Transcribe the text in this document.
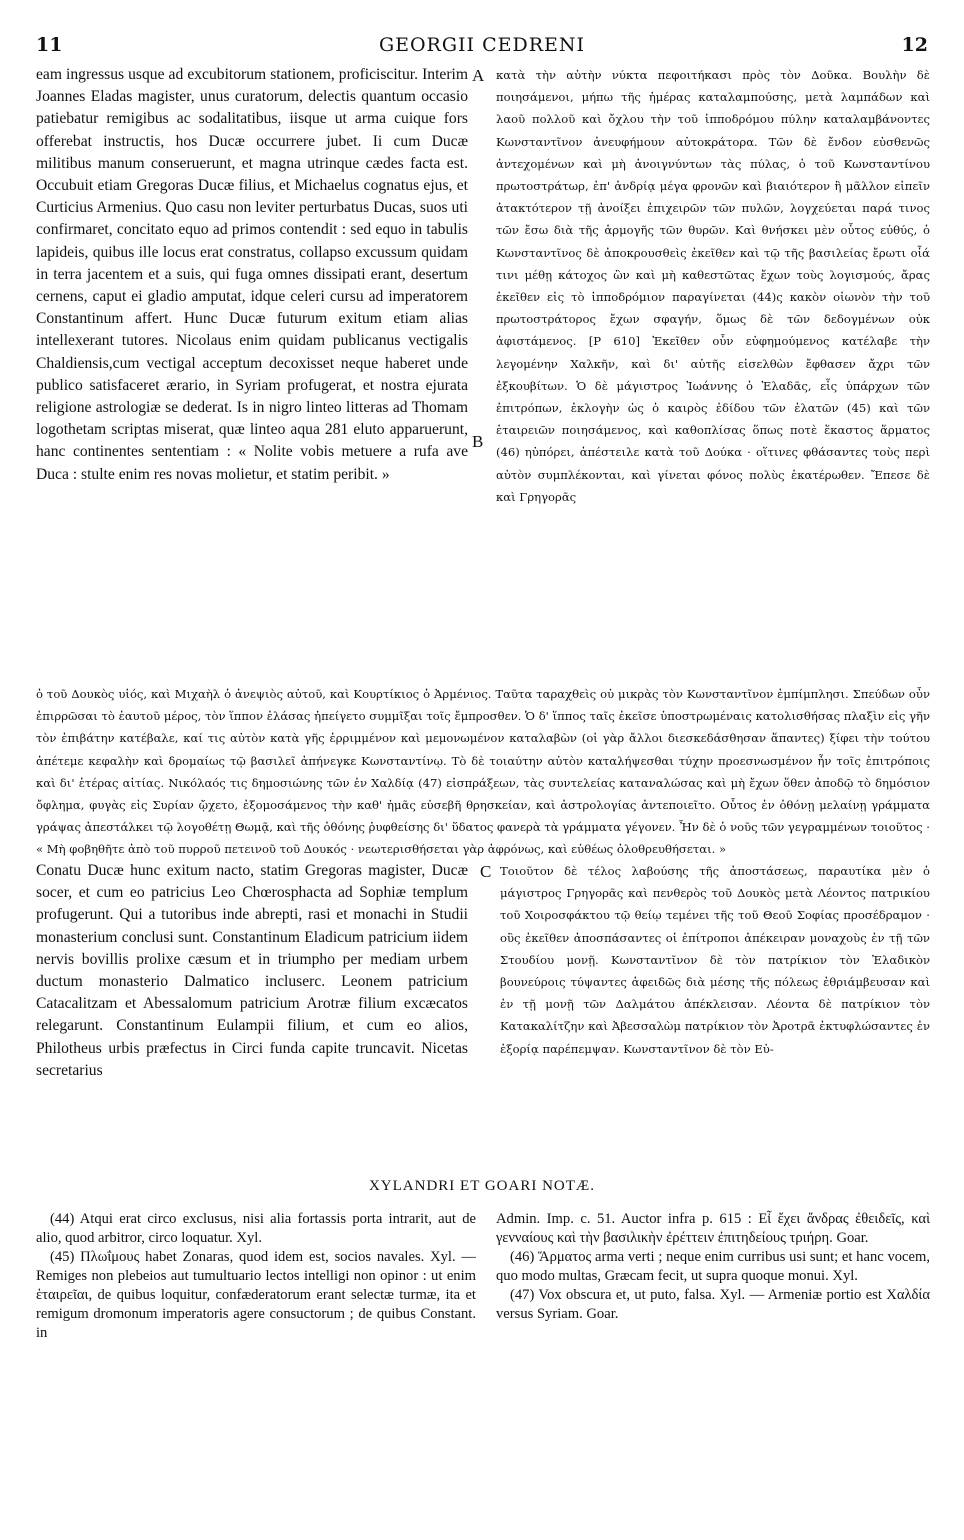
11	GEORGII CEDRENI	12
eam ingressus usque ad excubitorum stationem, proficiscitur. Interim Joannes Eladas magister, unus curatorum, delectis quantum occasio patiebatur remigibus ac sodalitatibus, iisque ut arma cuique fors offerebat instructis, hos Ducæ occurrere jubet. Ii cum Ducæ militibus manum conseruerunt, et magna utrinque cædes facta est. Occubuit etiam Gregoras Ducæ filius, et Michaelus cognatus ejus, et Curticius Armenius. Quo casu non leviter perturbatus Ducas, suos uti confirmaret, concitato equo ad primos contendit : sed equo in tabulis lapideis, quibus ille locus erat constratus, collapso excussum quidam in terra jacentem et a suis, qui fuga omnes dissipati erant, desertum cernens, caput ei gladio amputat, idque celeri cursu ad imperatorem Constantinum affert. Hunc Ducæ futurum exitum etiam alias intellexerant tutores. Nicolaus enim quidam publicanus vectigalis Chaldiensis,cum vectigal acceptum decoxisset neque haberet unde publico satisfaceret ærario, in Syriam profugerat, et nostra ejurata religione astrologiæ se dederat. Is in nigro linteo litteras ad Thomam logothetam scriptas miserat, quæ linteo aqua 281 eluto apparuerunt, hanc continentes sententiam : « Nolite vobis metuere a rufa ave Duca : stulte enim res novas molietur, et statim peribit. »
A κατὰ τὴν αὐτὴν νύκτα πεφοιτήκασι πρὸς τὸν Δοῦκα. Βουλὴν δὲ ποιησάμενοι, μήπω τῆς ἡμέρας καταλαμπούσης, μετὰ λαμπάδων καὶ λαοῦ πολλοῦ καὶ ὄχλου τὴν τοῦ ἱπποδρόμου πύλην καταλαμβάνοντες Κωνσταντῖνον ἀνευφήμουν αὐτοκράτορα. Τῶν δὲ ἔνδον εὐσθενῶς ἀντεχομένων καὶ μὴ ἀνοιγνύντων τὰς πύλας, ὁ τοῦ Κωνσταντίνου πρωτοστράτωρ, ἐπ' ἀνδρίᾳ μέγα φρονῶν καὶ βιαιότερον ἢ μᾶλλον εἰπεῖν ἀτακτότερον τῇ ἀνοίξει ἐπιχειρῶν τῶν πυλῶν, λογχεύεται παρά τινος τῶν ἔσω διὰ τῆς ἁρμογῆς τῶν θυρῶν. Καὶ θνήσκει μὲν οὗτος εὐθύς, ὁ Κωνσταντῖνος δὲ ἀποκρουσθεὶς ἐκεῖθεν καὶ τῷ τῆς βασιλείας ἔρωτι οἷά τινι μέθῃ κάτοχος ὢν καὶ μὴ καθεστῶτας ἔχων τοὺς λογισμούς, ἄρας ἐκεῖθεν εἰς τὸ ἱπποδρόμιον παραγίνεται (44)ς κακὸν οἰωνὸν τὴν τοῦ πρωτοστράτορος ἔχων σφαγήν, ὅμως δὲ τῶν δεδογμένων οὐκ ἀφιστάμενος. [P 610] Ἐκεῖθεν οὖν εὐφημούμενος κατέλαβε τὴν λεγομένην Χαλκῆν, καὶ δι' αὐτῆς εἰσελθὼν ἔφθασεν ἄχρι τῶν ἐξκουβίτων. Ὁ δὲ μάγιστρος Ἰωάννης ὁ Ἐλαδᾶς, εἷς ὑπάρχων τῶν ἐπιτρόπων, ἐκλογὴν ὡς ὁ καιρὸς ἐδίδου τῶν ἐλατῶν (45) καὶ τῶν ἑταιρειῶν ποιησάμενος, καὶ καθοπλίσας ὅπως ποτὲ ἕκαστος ἅρματος (46) ηὐπόρει, ἀπέστειλε κατὰ τοῦ Δούκα · οἵτινες φθάσαντες τοὺς περὶ αὐτὸν συμπλέκονται, καὶ γίνεται φόνος πολὺς ἑκατέρωθεν. Ἔπεσε δὲ καὶ Γρηγορᾶς
B
ὁ τοῦ Δουκὸς υἱός, καὶ Μιχαὴλ ὁ ἀνεψιὸς αὐτοῦ, καὶ Κουρτίκιος ὁ Ἀρμένιος. Ταῦτα ταραχθεὶς οὐ μικρὰς τὸν Κωνσταντῖνον ἐμπίμπλησι. Σπεύδων οὖν ἐπιρρῶσαι τὸ ἑαυτοῦ μέρος, τὸν ἵππον ἐλάσας ἠπείγετο συμμῖξαι τοῖς ἔμπροσθεν. Ὁ δ' ἵππος ταῖς ἐκεῖσε ὑποστρωμέναις κατολισθήσας πλαξὶν εἰς γῆν τὸν ἐπιβάτην κατέβαλε, καί τις αὐτὸν κατὰ γῆς ἐρριμμένον καὶ μεμονωμένον καταλαβὼν (οἱ γὰρ ἄλλοι διεσκεδάσθησαν ἅπαντες) ξίφει τὴν τούτου ἀπέτεμε κεφαλὴν καὶ δρομαίως τῷ βασιλεῖ ἀπήνεγκε Κωνσταντίνῳ. Τὸ δὲ τοιαύτην αὐτὸν καταλήψεσθαι τύχην προεσνωσμένον ἦν τοῖς ἐπιτρόποις καὶ δι' ἑτέρας αἰτίας. Νικόλαός τις δημοσιώνης τῶν ἐν Χαλδίᾳ (47) εἰσπράξεων, τὰς συντελείας καταναλώσας καὶ μὴ ἔχων ὅθεν ἀποδῷ τὸ δημόσιον ὄφλημα, φυγὰς εἰς Συρίαν ᾤχετο, ἐξομοσάμενος τὴν καθ' ἡμᾶς εὐσεβῆ θρησκείαν, καὶ ἀστρολογίας ἀντεποιεῖτο. Οὗτος ἐν ὀθόνῃ μελαίνῃ γράμματα γράψας ἀπεστάλκει τῷ λογοθέτῃ Θωμᾷ, καὶ τῆς ὀθόνης ῥυφθείσης δι' ὕδατος φανερὰ τὰ γράμματα γέγονεν. Ἦν δὲ ὁ νοῦς τῶν γεγραμμένων τοιοῦτος · « Μὴ φοβηθῆτε ἀπὸ τοῦ πυρροῦ πετεινοῦ τοῦ Δουκός · νεωτερισθήσεται γὰρ ἀφρόνως, καὶ εὐθέως ὀλοθρευθήσεται. »
Conatu Ducæ hunc exitum nacto, statim Gregoras magister, Ducæ socer, et cum eo patricius Leo Chœrosphacta ad Sophiæ templum profugerunt. Qui a tutoribus inde abrepti, rasi et monachi in Studii monasterium conclusi sunt. Constantinum Eladicum patricium iidem nervis bovillis prolixe cæsum et in triumpho per mediam urbem ductum monasterio Dalmatico incluserc. Leonem patricium Catacalitzam et Abessalomum patricium Arotræ filium excæcatos relegarunt. Constantinum Eulampii filium, et cum eo alios, Philotheus urbis præfectus in Circi funda capite truncavit. Nicetas secretarius
C Τοιοῦτον δὲ τέλος λαβούσης τῆς ἀποστάσεως, παραυτίκα μὲν ὁ μάγιστρος Γρηγορᾶς καὶ πενθερὸς τοῦ Δουκὸς μετὰ Λέοντος πατρικίου τοῦ Χοιροσφάκτου τῷ θείῳ τεμένει τῆς τοῦ Θεοῦ Σοφίας προσέδραμον · οὓς ἐκεῖθεν ἀποσπάσαντες οἱ ἐπίτροποι ἀπέκειραν μοναχοὺς ἐν τῇ τῶν Στουδίου μονῇ. Κωνσταντῖνον δὲ τὸν πατρίκιον τὸν Ἐλαδικὸν βουνεύροις τύψαντες ἀφειδῶς διὰ μέσης τῆς πόλεως ἐθριάμβευσαν καὶ ἐν τῇ μονῇ τῶν Δαλμάτου ἀπέκλεισαν. Λέοντα δὲ πατρίκιον τὸν Κατακαλίτζην καὶ Ἀβεσσαλὼμ πατρίκιον τὸν Ἀροτρᾶ ἐκτυφλώσαντες ἐν ἐξορίᾳ παρέπεμψαν. Κωνσταντῖνον δὲ τὸν Εὐ-
XYLANDRI ET GOARI NOTÆ.

(44) Atqui erat circo exclusus, nisi alia fortassis porta intrarit, aut de alio, quod arbitror, circo loquatur. Xyl.

(45) Πλωΐμους habet Zonaras, quod idem est, socios navales. Xyl. — Remiges non plebeios aut tumultuario lectos intelligi non opinor : ut enim ἑταιρεῖαι, de quibus loquitur, confæderatorum erant selectæ turmæ, ita et remigum dromonum imperatoris agere consuctorum ; de quibus Constant. in

Admin. Imp. c. 51. Auctor infra p. 615 : Εἶ ἔχει ἄνδρας ἐθειδεῖς, καὶ γενναίους καὶ τὴν βασιλικὴν ἐρέττειν ἐπιτηδείους τριήρη. Goar.

(46) Ἅρματος arma verti ; neque enim curribus usi sunt; et hanc vocem, quo modo multas, Græcam fecit, ut supra quoque monui. Xyl.

(47) Vox obscura et, ut puto, falsa. Xyl. — Armeniæ portio est Χαλδία versus Syriam. Goar.
